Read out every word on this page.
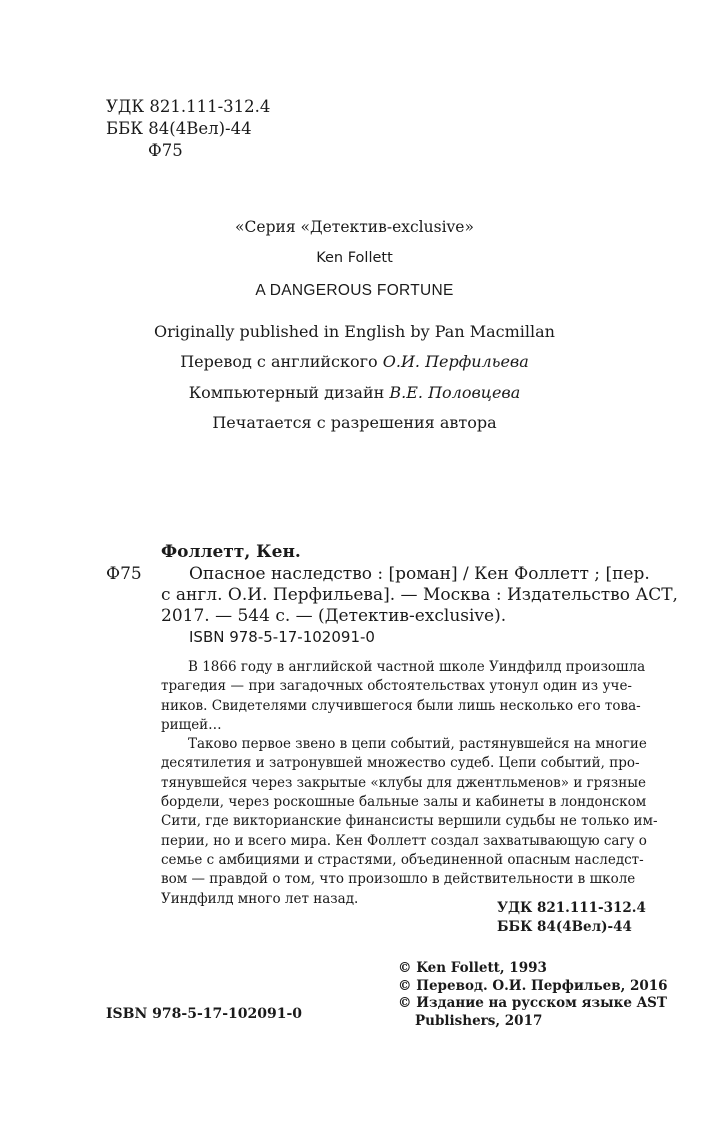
УДК 821.111-312.4
ББК 84(4Вел)-44
Ф75
«Серия «Детектив-exclusive»
Ken Follett
A DANGEROUS FORTUNE
Originally published in English by Pan Macmillan
Перевод с английского О.И. Перфильева
Компьютерный дизайн В.Е. Половцева
Печатается с разрешения автора
Фоллетт, Кен.
Ф75	Опасное наследство : [роман] / Кен Фоллетт ; [пер.
с англ. О.И. Перфильева]. — Москва : Издательство АСТ,
2017. — 544 с. — (Детектив-exclusive).
ISBN 978-5-17-102091-0
В 1866 году в английской частной школе Уиндфилд произошла
трагедия — при загадочных обстоятельствах утонул один из уче-
ников. Свидетелями случившегося были лишь несколько его това-
рищей…
Таково первое звено в цепи событий, растянувшейся на многие
десятилетия и затронувшей множество судеб. Цепи событий, про-
тянувшейся через закрытые «клубы для джентльменов» и грязные
бордели, через роскошные бальные залы и кабинеты в лондонском
Сити, где викторианские финансисты вершили судьбы не только им-
перии, но и всего мира. Кен Фоллетт создал захватывающую сагу о
семье с амбициями и страстями, объединенной опасным наследст-
вом — правдой о том, что произошло в действительности в школе
Уиндфилд много лет назад.
УДК 821.111-312.4
ББК 84(4Вел)-44
© Ken Follett, 1993
© Перевод. О.И. Перфильев, 2016
© Издание на русском языке AST
Publishers, 2017
ISBN 978-5-17-102091-0
